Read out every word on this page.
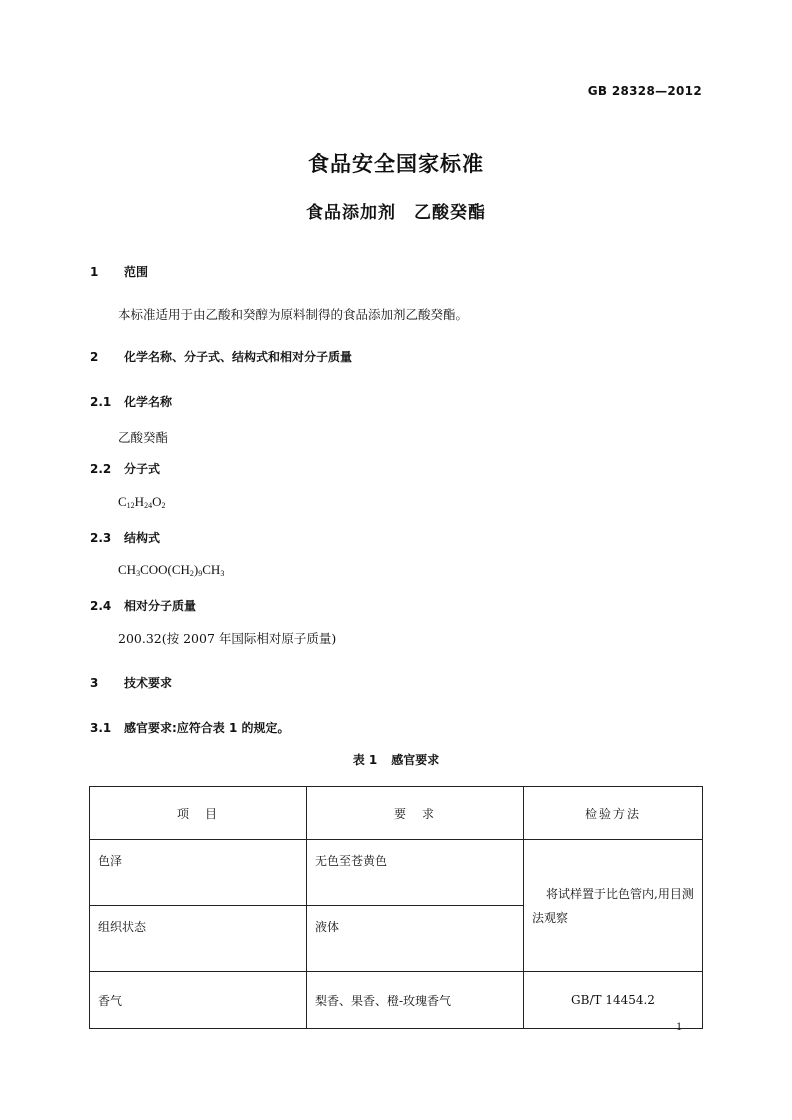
GB 28328—2012
食品安全国家标准
食品添加剂　乙酸癸酯
1 范围
本标准适用于由乙酸和癸醇为原料制得的食品添加剂乙酸癸酯。
2 化学名称、分子式、结构式和相对分子质量
2.1 化学名称
乙酸癸酯
2.2 分子式
$C_{12}H_{24}O_2$
2.3 结构式
$CH_3COO(CH_2)_9CH_3$
2.4 相对分子质量
200.32(按 2007 年国际相对原子质量)
3 技术要求
3.1 感官要求:应符合表 1 的规定。
表 1 感官要求
项　目	要　求	检验方法
色泽	无色至苍黄色	将试样置于比色管内,用目测法观察
组织状态	液体	
香气	梨香、果香、橙-玫瑰香气	GB/T 14454.2
1
